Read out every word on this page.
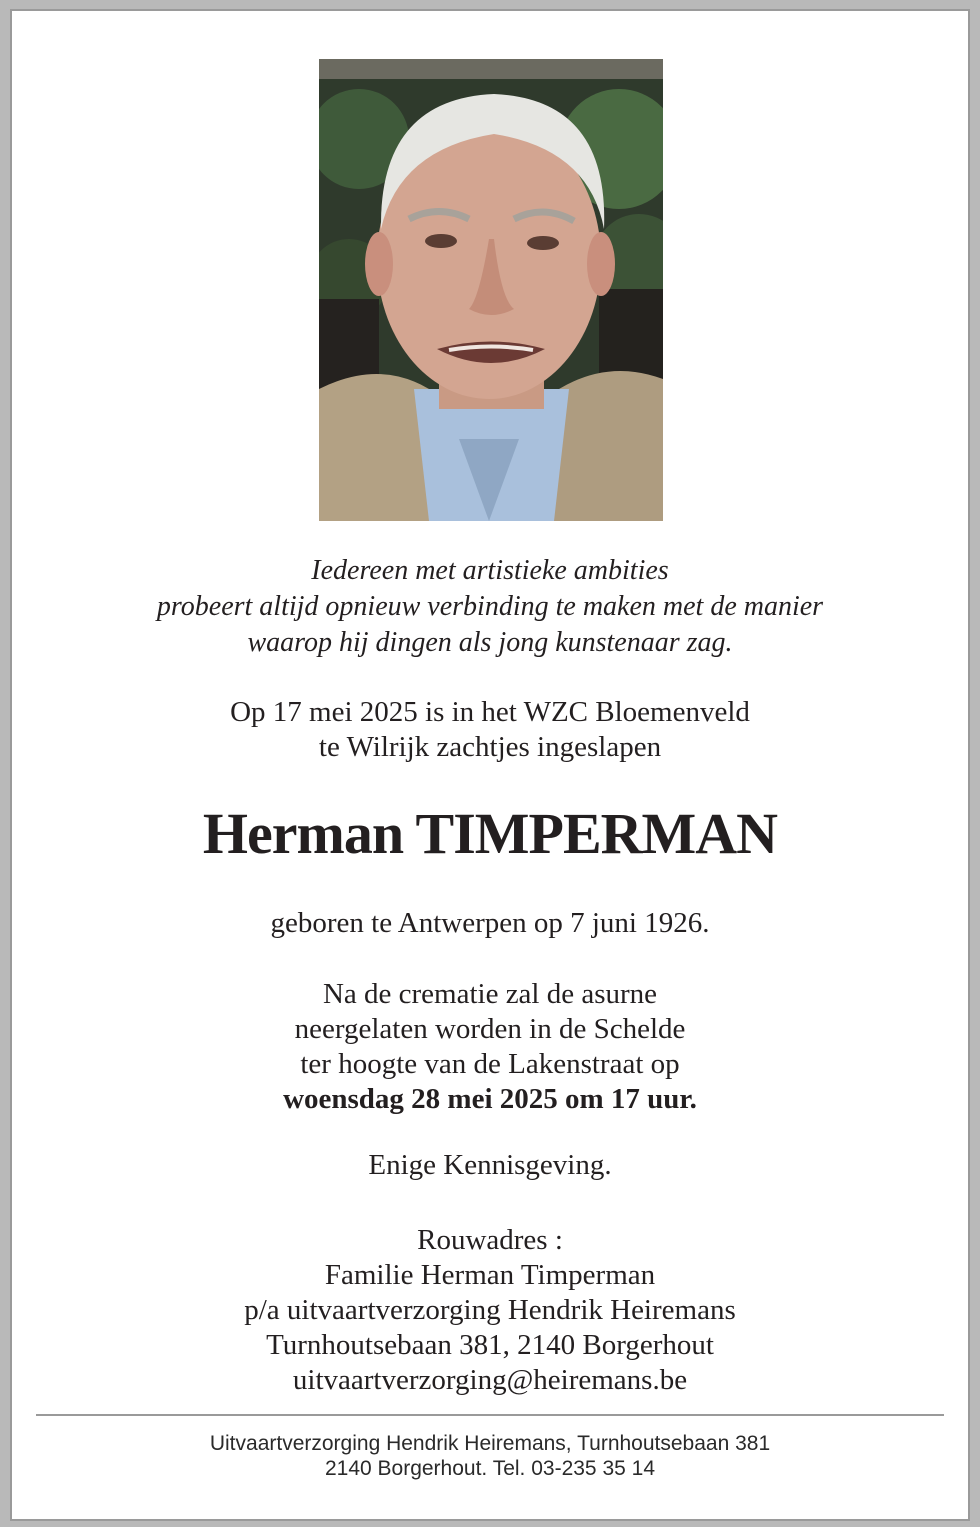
Iedereen met artistieke ambities
probeert altijd opnieuw verbinding te maken met de manier
waarop hij dingen als jong kunstenaar zag.
Op 17 mei 2025 is in het WZC Bloemenveld
te Wilrijk zachtjes ingeslapen
Herman TIMPERMAN
geboren te Antwerpen op 7 juni 1926.
Na de crematie zal de asurne
neergelaten worden in de Schelde
ter hoogte van de Lakenstraat op
woensdag 28 mei 2025 om 17 uur.
Enige Kennisgeving.
Rouwadres :
Familie Herman Timperman
p/a uitvaartverzorging Hendrik Heiremans
Turnhoutsebaan 381, 2140 Borgerhout
uitvaartverzorging@heiremans.be
Uitvaartverzorging Hendrik Heiremans, Turnhoutsebaan 381
2140 Borgerhout. Tel. 03-235 35 14
